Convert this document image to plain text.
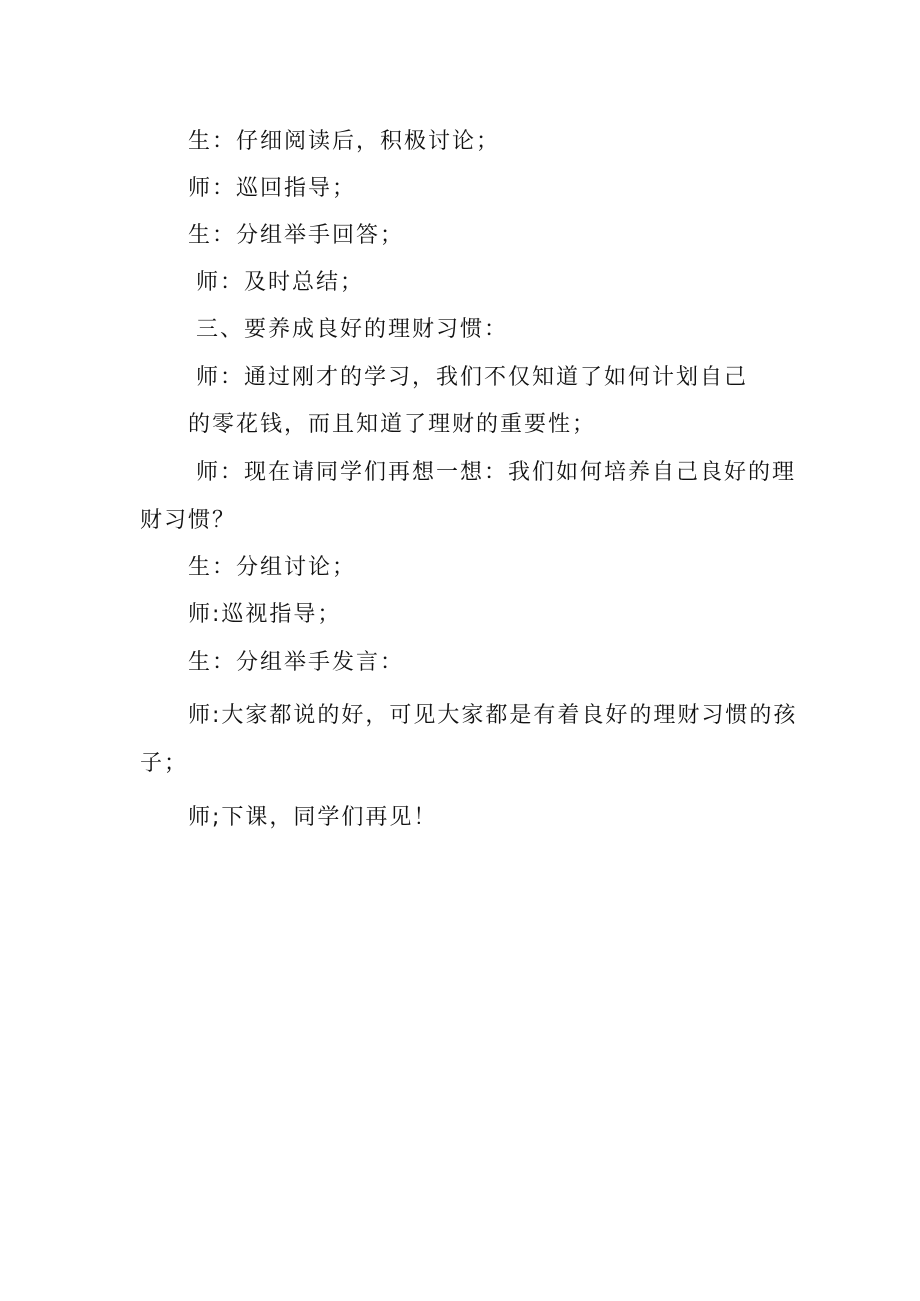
生：仔细阅读后，积极讨论；
师：巡回指导；
生：分组举手回答；
师：及时总结；
三、要养成良好的理财习惯：
师：通过刚才的学习，我们不仅知道了如何计划自己
的零花钱，而且知道了理财的重要性；
师：现在请同学们再想一想：我们如何培养自己良好的理
财习惯？
生：分组讨论；
师:巡视指导；
生：分组举手发言：
师:大家都说的好，可见大家都是有着良好的理财习惯的孩
子；
师;下课，同学们再见！
